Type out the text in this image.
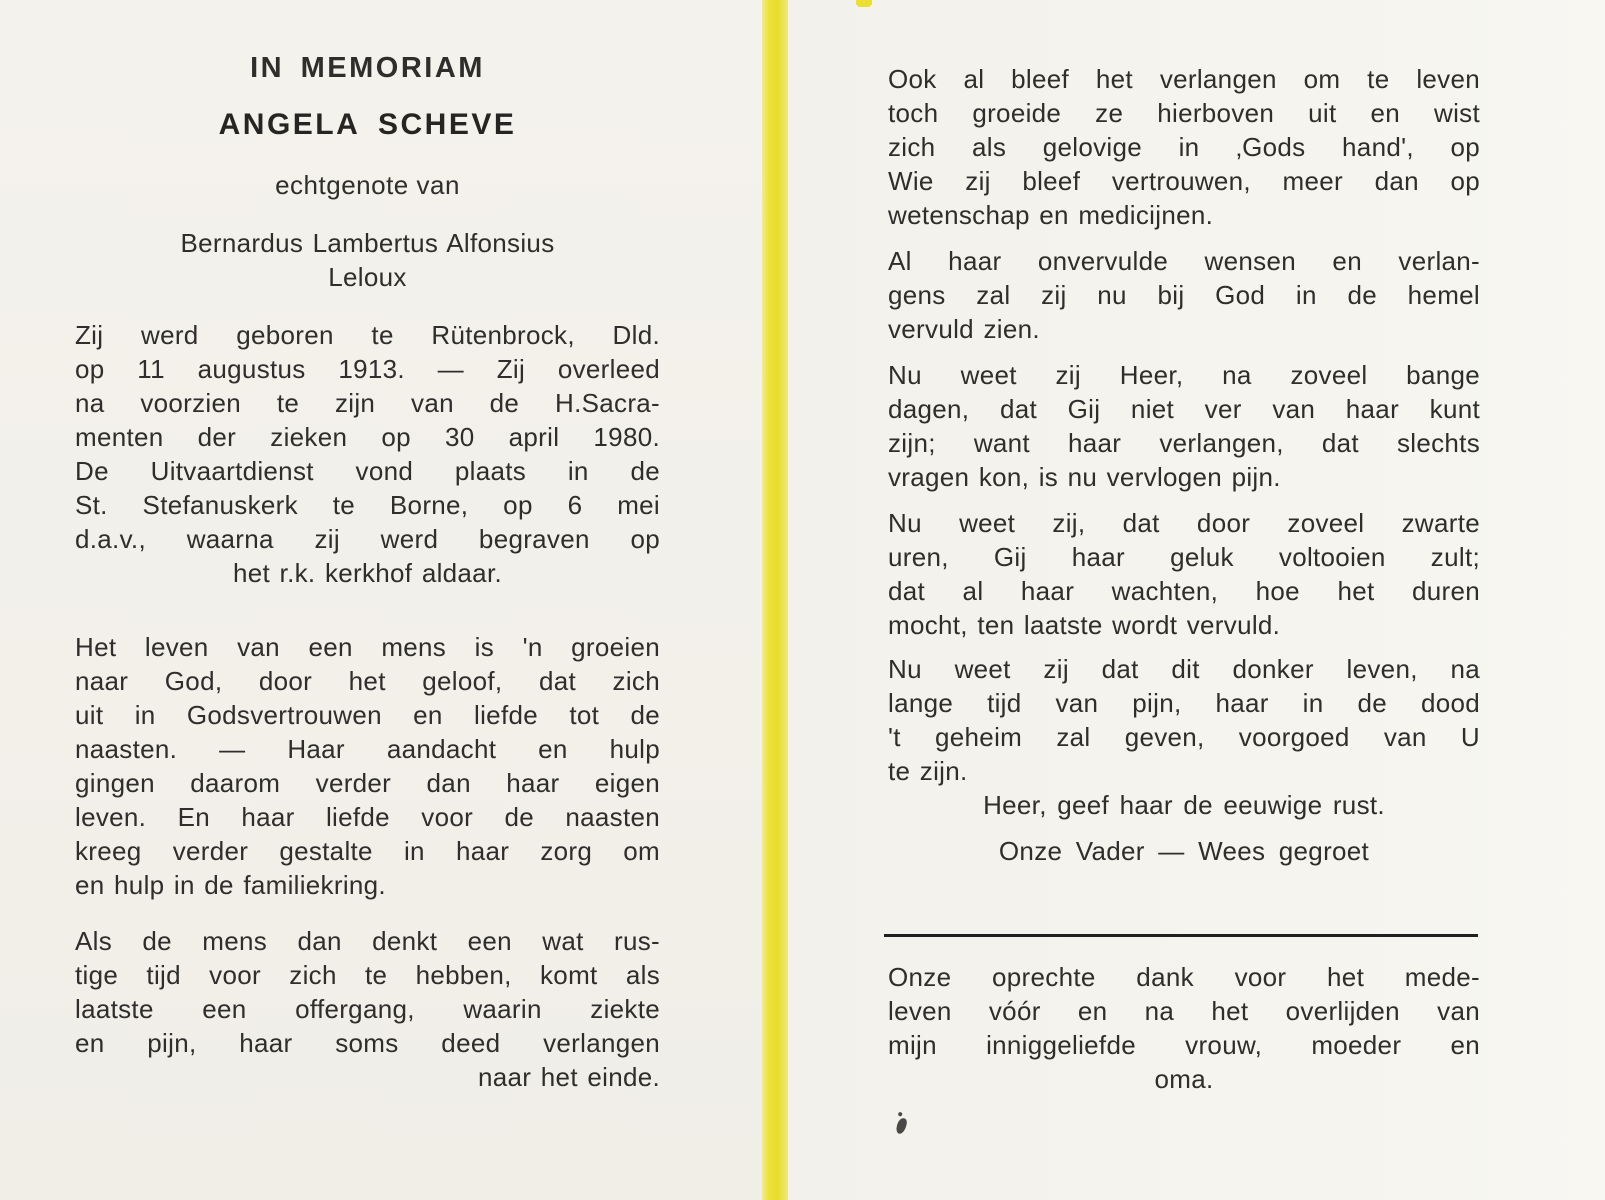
IN MEMORIAM
ANGELA SCHEVE
echtgenote van
Bernardus Lambertus Alfonsius
Leloux
Zij werd geboren te Rütenbrock, Dld.
op 11 augustus 1913. — Zij overleed
na voorzien te zijn van de H.Sacra-
menten der zieken op 30 april 1980.
De Uitvaartdienst vond plaats in de
St. Stefanuskerk te Borne, op 6 mei
d.a.v., waarna zij werd begraven op
het r.k. kerkhof aldaar.
Het leven van een mens is 'n groeien
naar God, door het geloof, dat zich
uit in Godsvertrouwen en liefde tot de
naasten. — Haar aandacht en hulp
gingen daarom verder dan haar eigen
leven. En haar liefde voor de naasten
kreeg verder gestalte in haar zorg om
en hulp in de familiekring.
Als de mens dan denkt een wat rus-
tige tijd voor zich te hebben, komt als
laatste een offergang, waarin ziekte
en pijn, haar soms deed verlangen
naar het einde.
Ook al bleef het verlangen om te leven
toch groeide ze hierboven uit en wist
zich als gelovige in ‚Gods hand', op
Wie zij bleef vertrouwen, meer dan op
wetenschap en medicijnen.
Al haar onvervulde wensen en verlan-
gens zal zij nu bij God in de hemel
vervuld zien.
Nu weet zij Heer, na zoveel bange
dagen, dat Gij niet ver van haar kunt
zijn; want haar verlangen, dat slechts
vragen kon, is nu vervlogen pijn.
Nu weet zij, dat door zoveel zwarte
uren, Gij haar geluk voltooien zult;
dat al haar wachten, hoe het duren
mocht, ten laatste wordt vervuld.
Nu weet zij dat dit donker leven, na
lange tijd van pijn, haar in de dood
't geheim zal geven, voorgoed van U
te zijn.
Heer, geef haar de eeuwige rust.
Onze Vader — Wees gegroet
Onze oprechte dank voor het mede-
leven vóór en na het overlijden van
mijn inniggeliefde vrouw, moeder en
oma.
